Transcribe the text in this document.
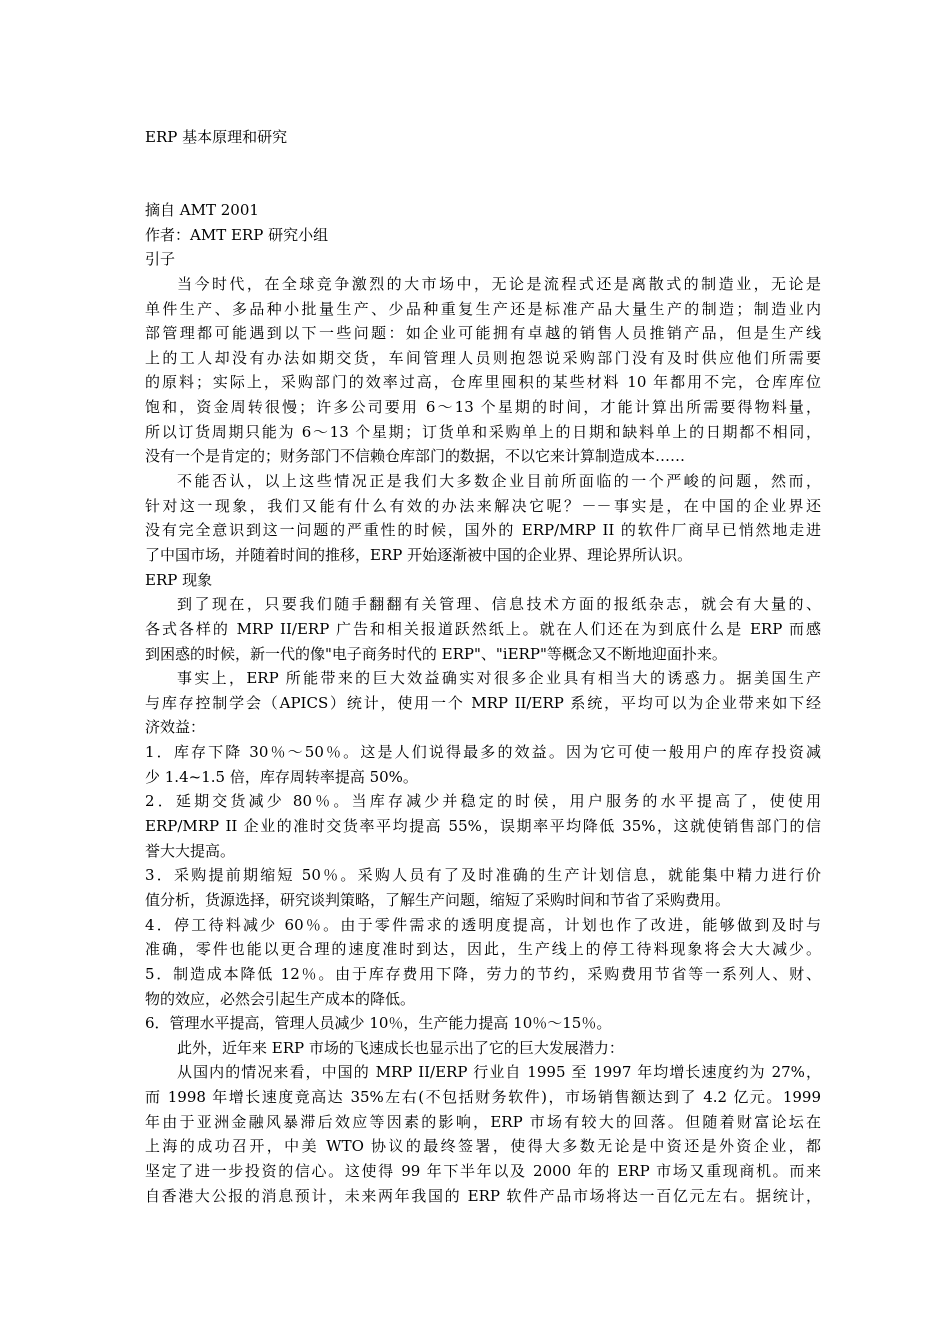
ERP 基本原理和研究
摘自 AMT 2001
作者：AMT ERP 研究小组
引子
当今时代，在全球竞争激烈的大市场中，无论是流程式还是离散式的制造业，无论是
单件生产、多品种小批量生产、少品种重复生产还是标准产品大量生产的制造；制造业内
部管理都可能遇到以下一些问题：如企业可能拥有卓越的销售人员推销产品，但是生产线
上的工人却没有办法如期交货，车间管理人员则抱怨说采购部门没有及时供应他们所需要
的原料；实际上，采购部门的效率过高，仓库里囤积的某些材料 10 年都用不完，仓库库位
饱和，资金周转很慢；许多公司要用 6～13 个星期的时间，才能计算出所需要得物料量，
所以订货周期只能为 6～13 个星期；订货单和采购单上的日期和缺料单上的日期都不相同，
没有一个是肯定的；财务部门不信赖仓库部门的数据，不以它来计算制造成本……
不能否认，以上这些情况正是我们大多数企业目前所面临的一个严峻的问题，然而，
针对这一现象，我们又能有什么有效的办法来解决它呢？－－事实是，在中国的企业界还
没有完全意识到这一问题的严重性的时候，国外的 ERP/MRP II 的软件厂商早已悄然地走进
了中国市场，并随着时间的推移，ERP 开始逐渐被中国的企业界、理论界所认识。
ERP 现象
到了现在，只要我们随手翻翻有关管理、信息技术方面的报纸杂志，就会有大量的、
各式各样的 MRP II/ERP 广告和相关报道跃然纸上。就在人们还在为到底什么是 ERP 而感
到困惑的时候，新一代的像"电子商务时代的 ERP"、"iERP"等概念又不断地迎面扑来。
事实上，ERP 所能带来的巨大效益确实对很多企业具有相当大的诱惑力。据美国生产
与库存控制学会（APICS）统计，使用一个 MRP II/ERP 系统，平均可以为企业带来如下经
济效益：
1．库存下降 30％～50％。这是人们说得最多的效益。因为它可使一般用户的库存投资减
少 1.4~1.5 倍，库存周转率提高 50%。
2．延期交货减少 80％。当库存减少并稳定的时侯，用户服务的水平提高了，使使用
ERP/MRP II 企业的准时交货率平均提高 55%，误期率平均降低 35%，这就使销售部门的信
誉大大提高。
3．采购提前期缩短 50％。采购人员有了及时准确的生产计划信息，就能集中精力进行价
值分析，货源选择，研究谈判策略，了解生产问题，缩短了采购时间和节省了采购费用。
4．停工待料减少 60％。由于零件需求的透明度提高，计划也作了改进，能够做到及时与
准确，零件也能以更合理的速度准时到达，因此，生产线上的停工待料现象将会大大减少。
5．制造成本降低 12％。由于库存费用下降，劳力的节约，采购费用节省等一系列人、财、
物的效应，必然会引起生产成本的降低。
6．管理水平提高，管理人员减少 10％，生产能力提高 10％～15％。
此外，近年来 ERP 市场的飞速成长也显示出了它的巨大发展潜力：
从国内的情况来看，中国的 MRP II/ERP 行业自 1995 至 1997 年均增长速度约为 27%，
而 1998 年增长速度竟高达 35%左右(不包括财务软件)，市场销售额达到了 4.2 亿元。1999
年由于亚洲金融风暴滞后效应等因素的影响，ERP 市场有较大的回落。但随着财富论坛在
上海的成功召开，中美 WTO 协议的最终签署，使得大多数无论是中资还是外资企业，都
坚定了进一步投资的信心。这使得 99 年下半年以及 2000 年的 ERP 市场又重现商机。而来
自香港大公报的消息预计，未来两年我国的 ERP 软件产品市场将达一百亿元左右。据统计，
